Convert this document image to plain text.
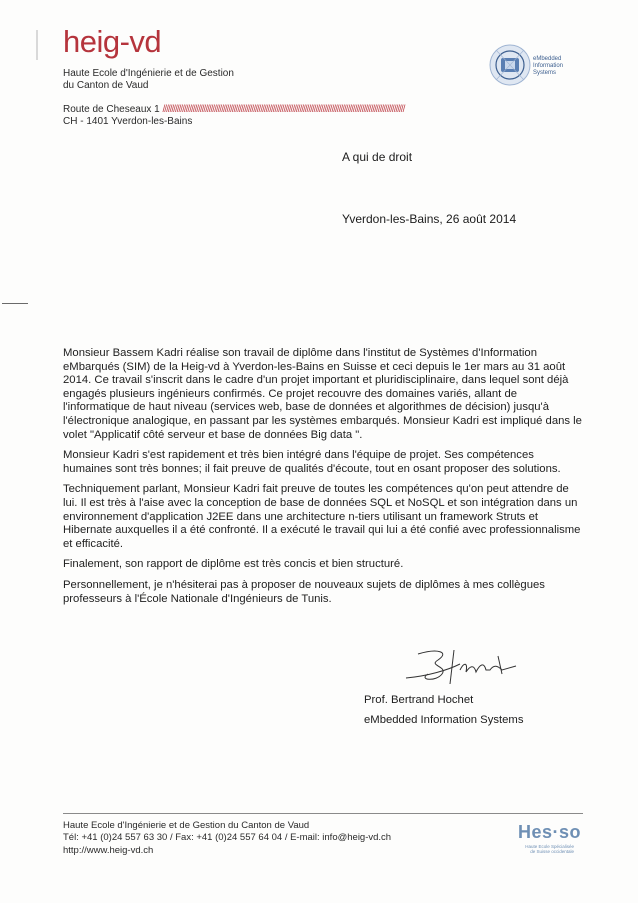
heig-vd
Haute Ecole d'Ingénierie et de Gestion
du Canton de Vaud
Route de Cheseaux 1 ////////////////////////////////////////////////////////////////////////////////////////////////////////////////////////////////////////
CH - 1401 Yverdon-les-Bains
eMbedded
Information
Systems
A qui de droit
Yverdon-les-Bains, 26 août 2014

Monsieur Bassem Kadri réalise son travail de diplôme dans l'institut de Systèmes d'Information eMbarqués (SIM) de la Heig-vd à Yverdon-les-Bains en Suisse et ceci depuis le 1er mars au 31 août 2014. Ce travail s'inscrit dans le cadre d'un projet important et pluridisciplinaire, dans lequel sont déjà engagés plusieurs ingénieurs confirmés. Ce projet recouvre des domaines variés, allant de l'informatique de haut niveau (services web, base de données et algorithmes de décision) jusqu'à l'électronique analogique, en passant par les systèmes embarqués. Monsieur Kadri est impliqué dans le volet "Applicatif côté serveur et base de données Big data ".

Monsieur Kadri s'est rapidement et très bien intégré dans l'équipe de projet. Ses compétences humaines sont très bonnes; il fait preuve de qualités d'écoute, tout en osant proposer des solutions.

Techniquement parlant, Monsieur Kadri fait preuve de toutes les compétences qu'on peut attendre de lui. Il est très à l'aise avec la conception de base de données SQL et NoSQL et son intégration dans un environnement d'application J2EE dans une architecture n-tiers utilisant un framework Struts et Hibernate auxquelles il a été confronté. Il a exécuté le travail qui lui a été confié avec professionnalisme et efficacité.

Finalement, son rapport de diplôme est très concis et bien structuré.

Personnellement, je n'hésiterai pas à proposer de nouveaux sujets de diplômes à mes collègues professeurs à l'École Nationale d'Ingénieurs de Tunis.

Prof. Bertrand Hochet
eMbedded Information Systems
Haute Ecole d'Ingénierie et de Gestion du Canton de Vaud
Tél: +41 (0)24 557 63 30 / Fax: +41 (0)24 557 64 04 / E-mail: info@heig-vd.ch
http://www.heig-vd.ch
Hes·so
Haute Ecole Spécialisée
de Suisse occidentale
